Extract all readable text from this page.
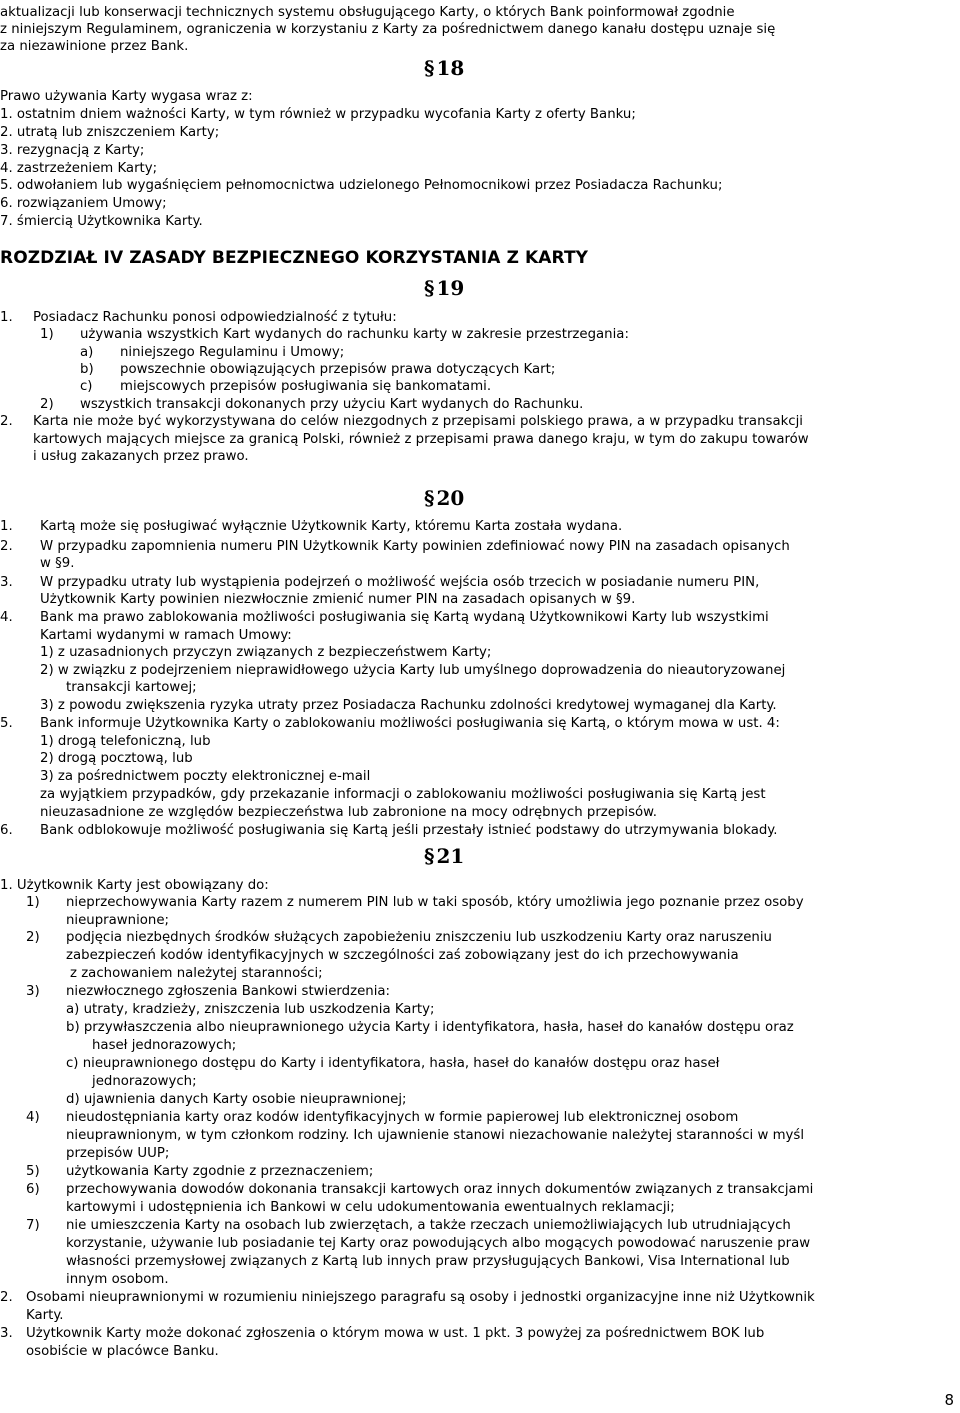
aktualizacji lub konserwacji technicznych systemu obsługującego Karty, o których Bank poinformował zgodnie
z niniejszym Regulaminem, ograniczenia w korzystaniu z Karty za pośrednictwem danego kanału dostępu uznaje się
za niezawinione przez Bank.
§ 18
Prawo używania Karty wygasa wraz z:
1. ostatnim dniem ważności Karty, w tym również w przypadku wycofania Karty z oferty Banku;
2. utratą lub zniszczeniem Karty;
3. rezygnacją z Karty;
4. zastrzeżeniem Karty;
5. odwołaniem lub wygaśnięciem pełnomocnictwa udzielonego Pełnomocnikowi przez Posiadacza Rachunku;
6. rozwiązaniem Umowy;
7. śmiercią Użytkownika Karty.
ROZDZIAŁ IV ZASADY BEZPIECZNEGO KORZYSTANIA Z KARTY
§ 19
1. Posiadacz Rachunku ponosi odpowiedzialność z tytułu:
1) używania wszystkich Kart wydanych do rachunku karty w zakresie przestrzegania:
a) niniejszego Regulaminu i Umowy;
b) powszechnie obowiązujących przepisów prawa dotyczących Kart;
c) miejscowych przepisów posługiwania się bankomatami.
2) wszystkich transakcji dokonanych przy użyciu Kart wydanych do Rachunku.
2. Karta nie może być wykorzystywana do celów niezgodnych z przepisami polskiego prawa, a w przypadku transakcji
kartowych mających miejsce za granicą Polski, również z przepisami prawa danego kraju, w tym do zakupu towarów
i usług zakazanych przez prawo.
§ 20
1. Kartą może się posługiwać wyłącznie Użytkownik Karty, któremu Karta została wydana.
2. W przypadku zapomnienia numeru PIN Użytkownik Karty powinien zdefiniować nowy PIN na zasadach opisanych
w §9.
3. W przypadku utraty lub wystąpienia podejrzeń o możliwość wejścia osób trzecich w posiadanie numeru PIN,
Użytkownik Karty powinien niezwłocznie zmienić numer PIN na zasadach opisanych w §9.
4. Bank ma prawo zablokowania możliwości posługiwania się Kartą wydaną Użytkownikowi Karty lub wszystkimi
Kartami wydanymi w ramach Umowy:
1) z uzasadnionych przyczyn związanych z bezpieczeństwem Karty;
2) w związku z podejrzeniem nieprawidłowego użycia Karty lub umyślnego doprowadzenia do nieautoryzowanej
transakcji kartowej;
3) z powodu zwiększenia ryzyka utraty przez Posiadacza Rachunku zdolności kredytowej wymaganej dla Karty.
5. Bank informuje Użytkownika Karty o zablokowaniu możliwości posługiwania się Kartą, o którym mowa w ust. 4:
1) drogą telefoniczną, lub
2) drogą pocztową, lub
3) za pośrednictwem poczty elektronicznej e-mail
za wyjątkiem przypadków, gdy przekazanie informacji o zablokowaniu możliwości posługiwania się Kartą jest
nieuzasadnione ze względów bezpieczeństwa lub zabronione na mocy odrębnych przepisów.
6. Bank odblokowuje możliwość posługiwania się Kartą jeśli przestały istnieć podstawy do utrzymywania blokady.
§ 21
1. Użytkownik Karty jest obowiązany do:
1) nieprzechowywania Karty razem z numerem PIN lub w taki sposób, który umożliwia jego poznanie przez osoby
nieuprawnione;
2) podjęcia niezbędnych środków służących zapobieżeniu zniszczeniu lub uszkodzeniu Karty oraz naruszeniu
zabezpieczeń kodów identyfikacyjnych w szczególności zaś zobowiązany jest do ich przechowywania
z zachowaniem należytej staranności;
3) niezwłocznego zgłoszenia Bankowi stwierdzenia:
a) utraty, kradzieży, zniszczenia lub uszkodzenia Karty;
b) przywłaszczenia albo nieuprawnionego użycia Karty i identyfikatora, hasła, haseł do kanałów dostępu oraz
haseł jednorazowych;
c) nieuprawnionego dostępu do Karty i identyfikatora, hasła, haseł do kanałów dostępu oraz haseł
jednorazowych;
d) ujawnienia danych Karty osobie nieuprawnionej;
4) nieudostępniania karty oraz kodów identyfikacyjnych w formie papierowej lub elektronicznej osobom
nieuprawnionym, w tym członkom rodziny. Ich ujawnienie stanowi niezachowanie należytej staranności w myśl
przepisów UUP;
5) użytkowania Karty zgodnie z przeznaczeniem;
6) przechowywania dowodów dokonania transakcji kartowych oraz innych dokumentów związanych z transakcjami
kartowymi i udostępnienia ich Bankowi w celu udokumentowania ewentualnych reklamacji;
7) nie umieszczenia Karty na osobach lub zwierzętach, a także rzeczach uniemożliwiających lub utrudniających
korzystanie, używanie lub posiadanie tej Karty oraz powodujących albo mogących powodować naruszenie praw
własności przemysłowej związanych z Kartą lub innych praw przysługujących Bankowi, Visa International lub
innym osobom.
2. Osobami nieuprawnionymi w rozumieniu niniejszego paragrafu są osoby i jednostki organizacyjne inne niż Użytkownik
Karty.
3. Użytkownik Karty może dokonać zgłoszenia o którym mowa w ust. 1 pkt. 3 powyżej za pośrednictwem BOK lub
osobiście w placówce Banku.
8
